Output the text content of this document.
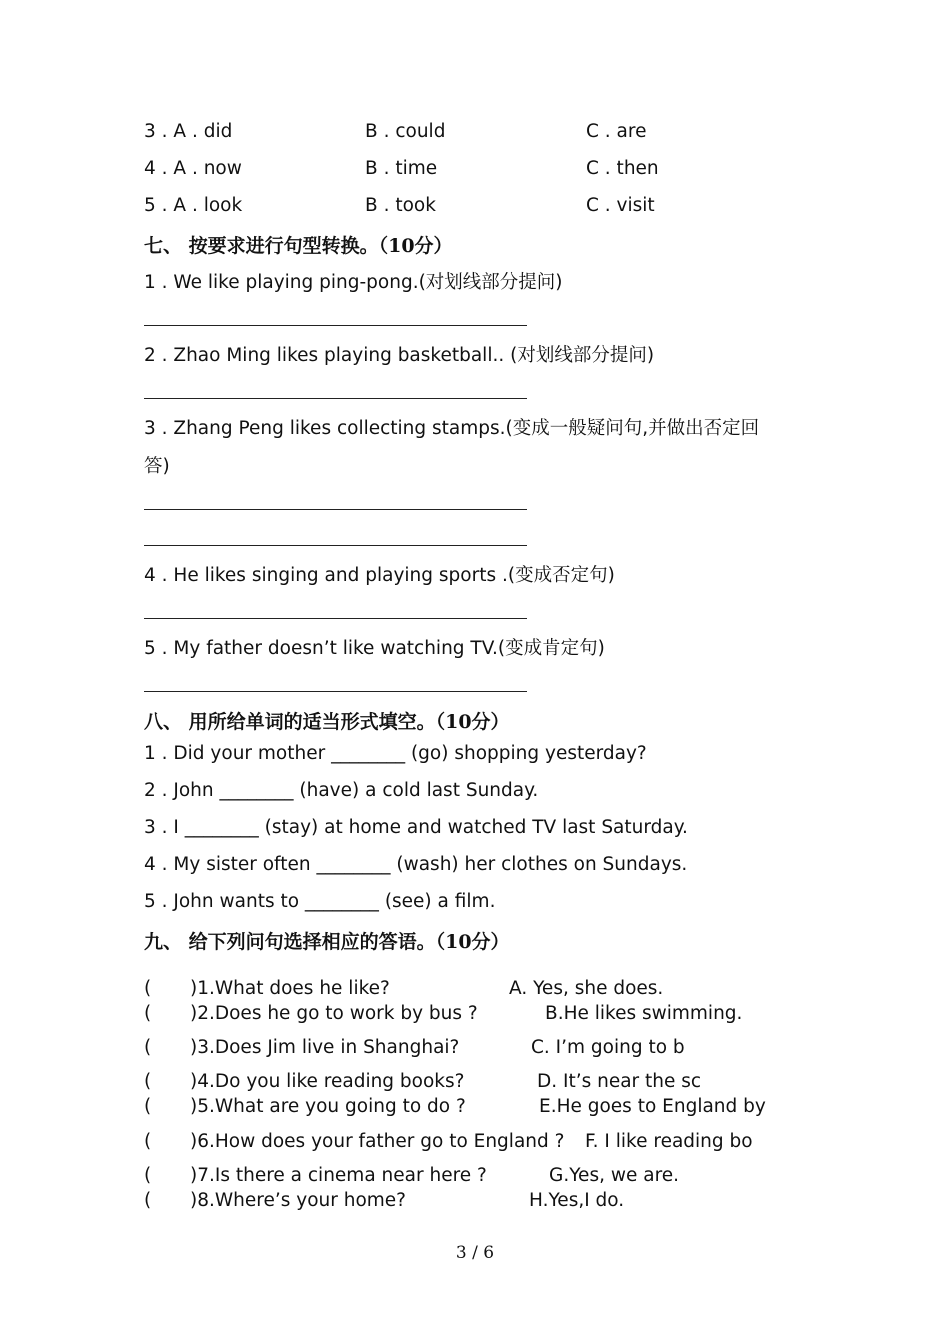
3 . A . did	B . could	C . are
4 . A . now	B . time	C . then
5 . A . look	B . took	C . visit
七、 按要求进行句型转换。（10分）
1 . We like playing ping-pong.(对划线部分提问)
2 . Zhao Ming likes playing basketball.. (对划线部分提问)
3 . Zhang Peng likes collecting stamps.(变成一般疑问句,并做出否定回
答)
4 . He likes singing and playing sports .(变成否定句)
5 . My father doesn’t like watching TV.(变成肯定句)
八、 用所给单词的适当形式填空。（10分）
1 . Did your mother ________ (go) shopping yesterday?
2 . John ________ (have) a cold last Sunday.
3 . I ________ (stay) at home and watched TV last Saturday.
4 . My sister often ________ (wash) her clothes on Sundays.
5 . John wants to ________ (see) a film.
九、 给下列问句选择相应的答语。（10分）
( )1.What does he like?	A. Yes, she does.
( )2.Does he go to work by bus ?	B.He likes swimming.
( )3.Does Jim live in Shanghai?	C. I’m going to b
( )4.Do you like reading books?	D. It’s near the sc
( )5.What are you going to do ?	E.He goes to England by
( )6.How does your father go to England ? F. I like reading bo
( )7.Is there a cinema near here ?	G.Yes, we are.
( )8.Where’s your home?	H.Yes,I do.
3 / 6
